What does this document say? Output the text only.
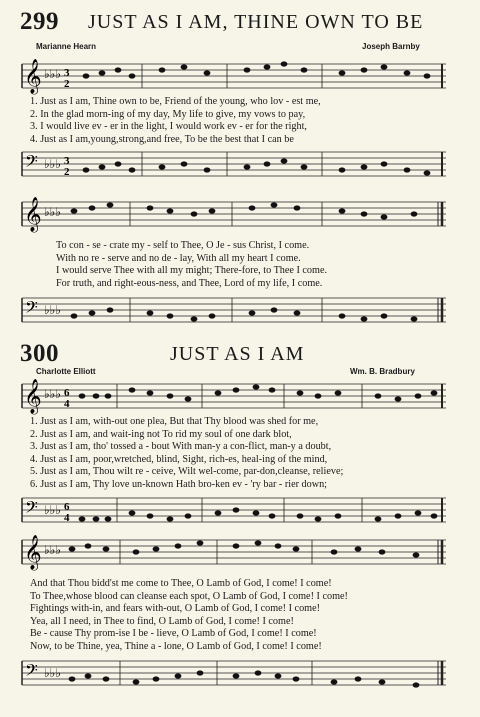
299 JUST AS I AM, THINE OWN TO BE
Marianne Hearn	Joseph Barnby
𝄞 ♭♭♭ 3
2
1. Just as I am, Thine own to be, Friend of the young, who lov - est me,
2. In the glad morn-ing of my day, My life to give, my vows to pay,
3. I would live ev - er in the light, I would work ev - er for the right,
4. Just as I am,young,strong,and free, To be the best that I can be
𝄢 ♭♭♭ 3
2
𝄞 ♭♭♭
To con - se - crate my - self to Thee, O Je - sus Christ, I come.
With no re - serve and no de - lay, With all my heart I come.
I would serve Thee with all my might; There-fore, to Thee I come.
For truth, and right-eous-ness, and Thee, Lord of my life, I come.
𝄢 ♭♭♭
300	JUST AS I AM
Charlotte Elliott	Wm. B. Bradbury
𝄞 ♭♭♭ 6
4
1. Just as I am, with-out one plea, But that Thy blood was shed for me,
2. Just as I am, and wait-ing not To rid my soul of one dark blot,
3. Just as I am, tho' tossed a - bout With man-y a con-flict, man-y a doubt,
4. Just as I am, poor,wretched, blind, Sight, rich-es, heal-ing of the mind,
5. Just as I am, Thou wilt re - ceive, Wilt wel-come, par-don,cleanse, relieve;
6. Just as I am, Thy love un-known Hath bro-ken ev - 'ry bar - rier down;
𝄢 ♭♭♭ 6
4
𝄞 ♭♭♭
And that Thou bidd'st me come to Thee, O Lamb of God, I come! I come!
To Thee,whose blood can cleanse each spot, O Lamb of God, I come! I come!
Fightings with-in, and fears with-out, O Lamb of God, I come! I come!
Yea, all I need, in Thee to find, O Lamb of God, I come! I come!
Be - cause Thy prom-ise I be - lieve, O Lamb of God, I come! I come!
Now, to be Thine, yea, Thine a - lone, O Lamb of God, I come! I come!
𝄢 ♭♭♭
